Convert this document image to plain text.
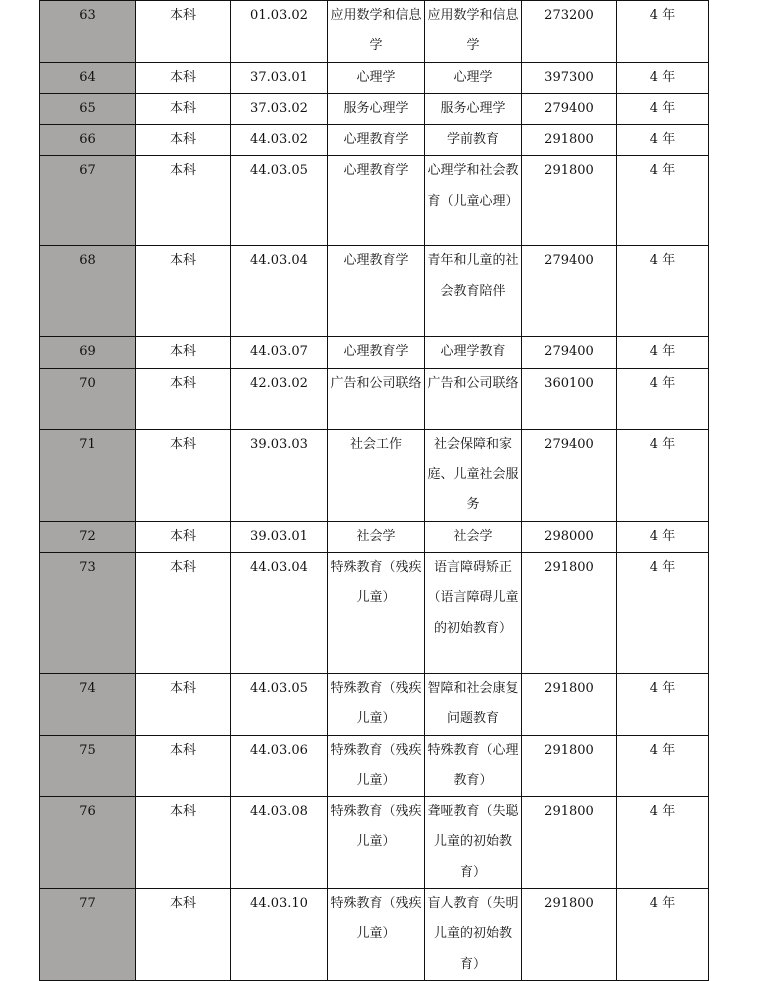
63	本科	01.03.02	应用数学和信息学	应用数学和信息学	273200	4 年
64	本科	37.03.01	心理学	心理学	397300	4 年
65	本科	37.03.02	服务心理学	服务心理学	279400	4 年
66	本科	44.03.02	心理教育学	学前教育	291800	4 年
67	本科	44.03.05	心理教育学	心理学和社会教育（儿童心理）	291800	4 年
68	本科	44.03.04	心理教育学	青年和儿童的社会教育陪伴	279400	4 年
69	本科	44.03.07	心理教育学	心理学教育	279400	4 年
70	本科	42.03.02	广告和公司联络	广告和公司联络	360100	4 年
71	本科	39.03.03	社会工作	社会保障和家庭、儿童社会服务	279400	4 年
72	本科	39.03.01	社会学	社会学	298000	4 年
73	本科	44.03.04	特殊教育（残疾儿童）	语言障碍矫正（语言障碍儿童的初始教育）	291800	4 年
74	本科	44.03.05	特殊教育（残疾儿童）	智障和社会康复问题教育	291800	4 年
75	本科	44.03.06	特殊教育（残疾儿童）	特殊教育（心理教育）	291800	4 年
76	本科	44.03.08	特殊教育（残疾儿童）	聋哑教育（失聪儿童的初始教育）	291800	4 年
77	本科	44.03.10	特殊教育（残疾儿童）	盲人教育（失明儿童的初始教育）	291800	4 年
